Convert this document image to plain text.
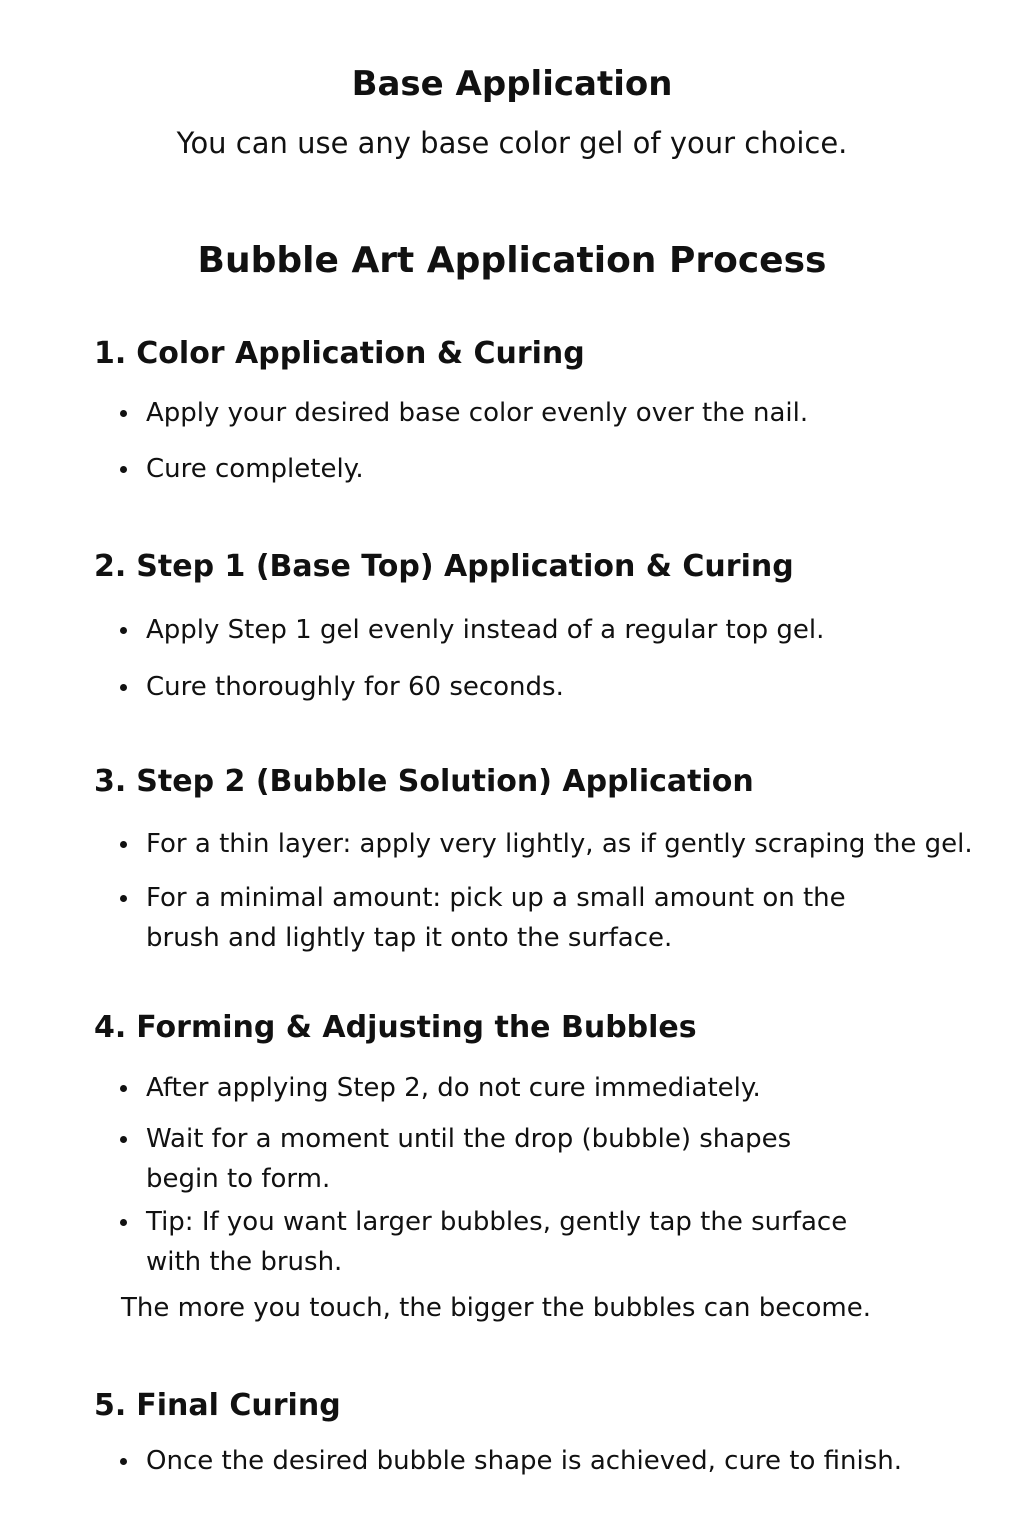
Base Application

You can use any base color gel of your choice.

Bubble Art Application Process
1. Color Application & Curing
Apply your desired base color evenly over the nail.
Cure completely.
2. Step 1 (Base Top) Application & Curing
Apply Step 1 gel evenly instead of a regular top gel.
Cure thoroughly for 60 seconds.
3. Step 2 (Bubble Solution) Application
For a thin layer: apply very lightly, as if gently scraping the gel.
For a minimal amount: pick up a small amount on the
brush and lightly tap it onto the surface.
4. Forming & Adjusting the Bubbles
After applying Step 2, do not cure immediately.
Wait for a moment until the drop (bubble) shapes
begin to form.
Tip: If you want larger bubbles, gently tap the surface
with the brush.

The more you touch, the bigger the bubbles can become.

5. Final Curing
Once the desired bubble shape is achieved, cure to finish.
